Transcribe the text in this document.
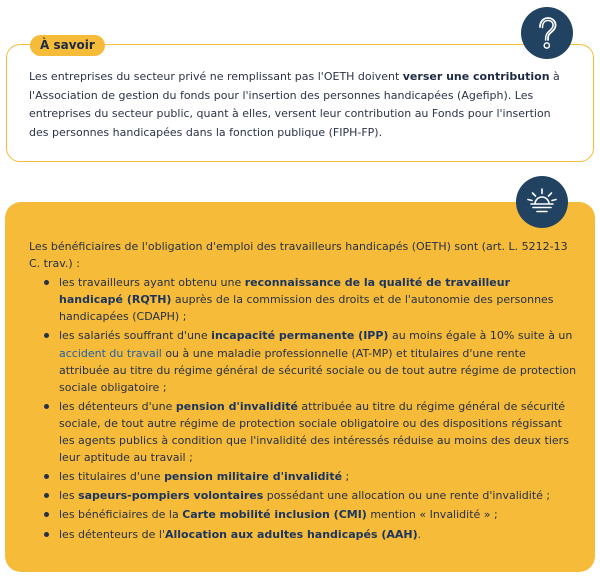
À savoir

Les entreprises du secteur privé ne remplissant pas l'OETH doivent verser une contribution à l'Association de gestion du fonds pour l'insertion des personnes handicapées (Agefiph). Les entreprises du secteur public, quant à elles, versent leur contribution au Fonds pour l'insertion des personnes handicapées dans la fonction publique (FIPH-FP).

Les bénéficiaires de l'obligation d'emploi des travailleurs handicapés (OETH) sont (art. L. 5212-13 C. trav.) :

les travailleurs ayant obtenu une reconnaissance de la qualité de travailleur handicapé (RQTH) auprès de la commission des droits et de l'autonomie des personnes handicapées (CDAPH) ;
les salariés souffrant d'une incapacité permanente (IPP) au moins égale à 10% suite à un accident du travail ou à une maladie professionnelle (AT-MP) et titulaires d'une rente attribuée au titre du régime général de sécurité sociale ou de tout autre régime de protection sociale obligatoire ;
les détenteurs d'une pension d'invalidité attribuée au titre du régime général de sécurité sociale, de tout autre régime de protection sociale obligatoire ou des dispositions régissant les agents publics à condition que l'invalidité des intéressés réduise au moins des deux tiers leur aptitude au travail ;
les titulaires d'une pension militaire d'invalidité ;
les sapeurs-pompiers volontaires possédant une allocation ou une rente d'invalidité ;
les bénéficiaires de la Carte mobilité inclusion (CMI) mention « Invalidité » ;
les détenteurs de l'Allocation aux adultes handicapés (AAH).
